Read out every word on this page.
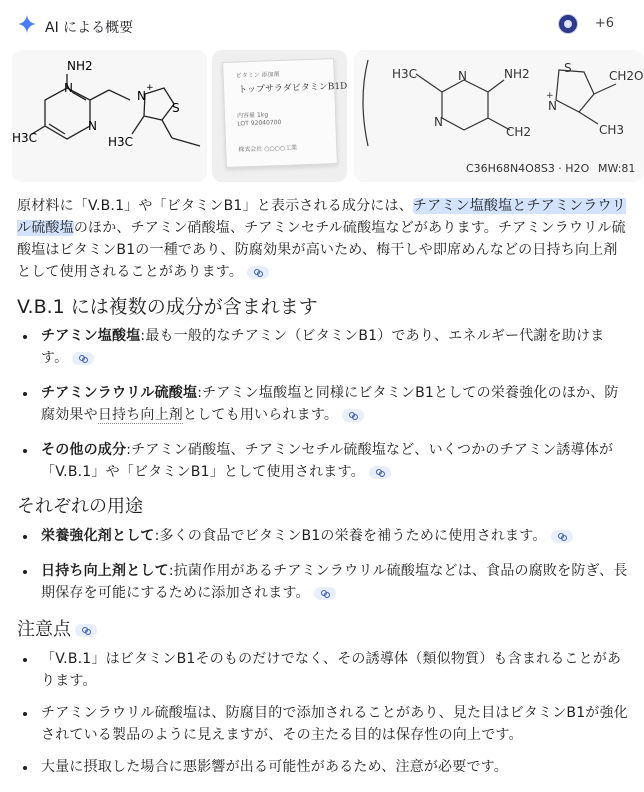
AI による概要	+6
NH2
N
N
N
+
S
H3C	H3C
ビタミン 添加剤
トップサラダビタミンB1D
内容量 1kg
LOT 92040700
株式会社 ○○○○工業
H3C	N
N
NH2	S
N
+
CH2
CH2O
CH3
C36H68N4O8S3 · H2O MW:81

原材料に「V.B.1」や「ビタミンB1」と表示される成分には、チアミン塩酸塩とチアミンラウリル硫酸塩のほか、チアミン硝酸塩、チアミンセチル硫酸塩などがあります。チアミンラウリル硫酸塩はビタミンB1の一種であり、防腐効果が高いため、梅干しや即席めんなどの日持ち向上剤として使用されることがあります。

V.B.1 には複数の成分が含まれます
チアミン塩酸塩:最も一般的なチアミン（ビタミンB1）であり、エネルギー代謝を助けます。
チアミンラウリル硫酸塩:チアミン塩酸塩と同様にビタミンB1としての栄養強化のほか、防腐効果や日持ち向上剤としても用いられます。
その他の成分:チアミン硝酸塩、チアミンセチル硫酸塩など、いくつかのチアミン誘導体が「V.B.1」や「ビタミンB1」として使用されます。
それぞれの用途
栄養強化剤として:多くの食品でビタミンB1の栄養を補うために使用されます。
日持ち向上剤として:抗菌作用があるチアミンラウリル硫酸塩などは、食品の腐敗を防ぎ、長期保存を可能にするために添加されます。
注意点
「V.B.1」はビタミンB1そのものだけでなく、その誘導体（類似物質）も含まれることがあります。
チアミンラウリル硫酸塩は、防腐目的で添加されることがあり、見た目はビタミンB1が強化されている製品のように見えますが、その主たる目的は保存性の向上です。
大量に摂取した場合に悪影響が出る可能性があるため、注意が必要です。
